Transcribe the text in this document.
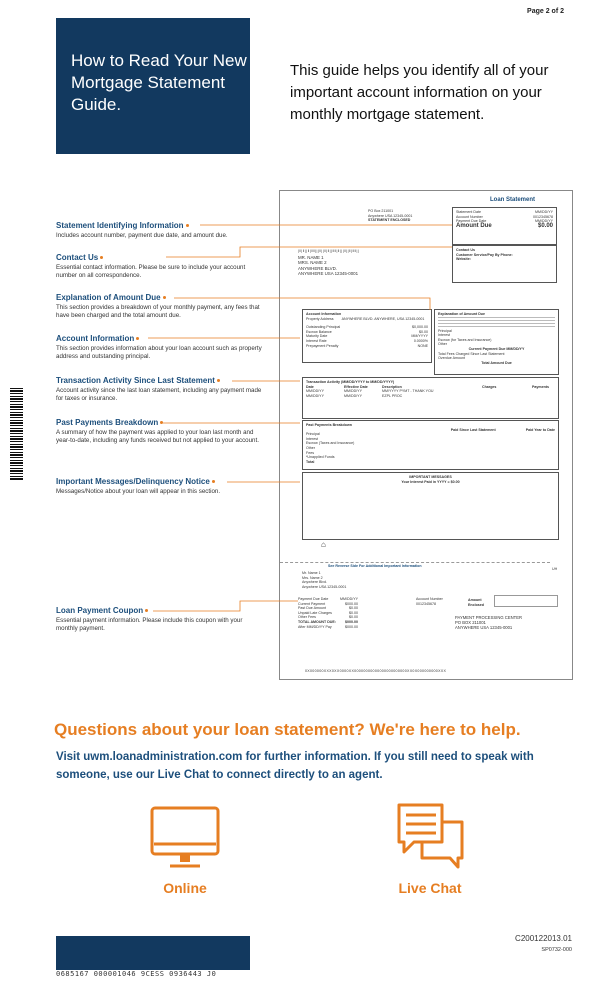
Page 2 of 2
How to Read Your New Mortgage Statement Guide.
This guide helps you identify all of your important account information on your monthly mortgage statement.
Statement Identifying Information
Includes account number, payment due date, and amount due.
Contact Us
Essential contact information. Please be sure to include your account number on all correspondence.
Explanation of Amount Due
This section provides a breakdown of your monthly payment, any fees that have been charged and the total amount due.
Account Information
This section provides information about your loan account such as property address and outstanding principal.
Transaction Activity Since Last Statement
Account activity since the last loan statement, including any payment made for taxes or insurance.
Past Payments Breakdown
A summary of how the payment was applied to your loan last month and year-to-date, including any funds received but not applied to your account.
Important Messages/Delinquency Notice
Messages/Notice about your loan will appear in this section.
Loan Payment Coupon
Essential payment information. Please include this coupon with your monthly payment.
Loan Statement
PO Box 211001
Anywhere USA 12345-0001
STATEMENT ENCLOSED
Statement Date	MM/DD/YY
Account Number	0012345678
Payment Due Date	MM/DD/YY
Amount Due	$0.00
Contact Us
Customer Service/Pay By Phone:
Website:
|‖|‖||‖|‖‖|||‖||‖|‖||‖‖|‖|||‖||‖|‖‖||
MR. NAME 1
MRS. NAME 2
ANYWHERE BLVD.
ANYWHERE USA 12345-0001
Account Information
Property Address ANYWHERE BLVD. ANYWHERE, USA 12345-0001
Outstanding Principal	$0,000.00
Escrow Balance	$0.00
Maturity Date	MM/YYYY
Interest Rate	0.0000%
Prepayment Penalty	NONE
Explanation of Amount Due
Principal
Interest
Escrow (for Taxes and Insurance)
Other
Current Payment Due MM/DD/YY
Total Fees Charged Since Last Statement
Overdue Amount
Total Amount Due
Transaction Activity (MM/DD/YYYY to MM/DD/YYYY)
Date	Effective Date	Description	Charges	Payments
MM/DD/YY	MM/DD/YY	MM/YYYY PYMT - THANK YOU
MM/DD/YY	MM/DD/YY	EZPL PROC
Past Payments Breakdown
Paid Since Last Statement	Paid Year to Date
Principal
Interest
Escrow (Taxes and Insurance)
Other
Fees
*Unapplied Funds
Total
IMPORTANT MESSAGES
Your Interest Paid in YYYY = $0.00
⌂
See Reverse Side For Additional Important Information
UH
Mr. Name 1
Mrs. Name 2
Anywhere Blvd.
Anywhere USA 12345-0001
Payment Due Date	MM/DD/YY
Current Payment	$000.00
Past Due Amount	$0.00
Unpaid Late Charges	$0.00
Other Fees	$0.00
TOTAL AMOUNT DUE:	$000.00
After MM/DD/YY Pay	$000.00
Account Number
0012345678
Amount Enclosed
PAYMENT PROCESSING CENTER
PO BOX 211001
ANYWHERE USA 12345-0001
0X000000XXX0XX0000XX00000000000000000000000XX0X000000000XXX
Questions about your loan statement? We're here to help.
Visit uwm.loanadministration.com for further information. If you still need to speak with someone, use our Live Chat to connect directly to an agent.
Online	Live Chat
0685167 000001046 9CESS 0936443 J0
C200122013.01
SP0732-000
